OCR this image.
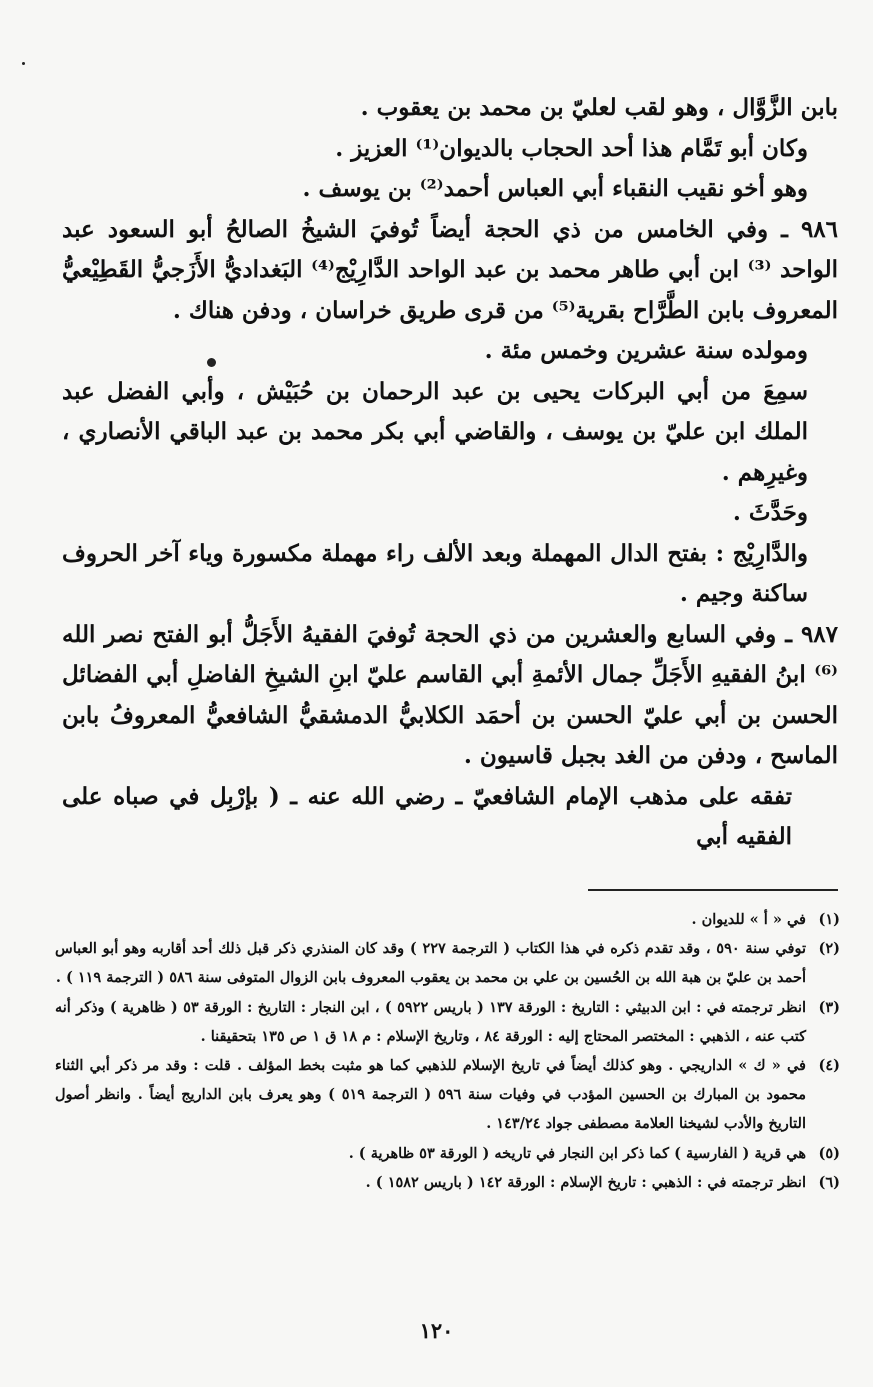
بابن الزَّوَّال ، وهو لقب لعليّ بن محمد بن يعقوب .

وكان أبو تَمَّام هذا أحد الحجاب بالديوان⁽¹⁾ العزيز .

وهو أخو نقيب النقباء أبي العباس أحمد⁽²⁾ بن يوسف .

٩٨٦ ـ وفي الخامس من ذي الحجة أيضاً تُوفيَ الشيخُ الصالحُ أبو السعود عبد الواحد ⁽³⁾ ابن أبي طاهر محمد بن عبد الواحد الدَّارِيْج⁽⁴⁾ البَغداديُّ الأَزَجيُّ القَطِيْعيُّ المعروف بابن الطَّرَّاح بقرية⁽⁵⁾ من قرى طريق خراسان ، ودفن هناك .

ومولده سنة عشرين وخمس مئة .

سمِعَ من أبي البركات يحيى بن عبد الرحمان بن حُبَيْش ، وأبي الفضل عبد الملك ابن عليّ بن يوسف ، والقاضي أبي بكر محمد بن عبد الباقي الأنصاري ، وغيرِهم .

وحَدَّثَ .

والدَّارِيْج : بفتح الدال المهملة وبعد الألف راء مهملة مكسورة وياء آخر الحروف ساكنة وجيم .

٩٨٧ ـ وفي السابع والعشرين من ذي الحجة تُوفيَ الفقيهُ الأَجَلُّ أبو الفتح نصر الله ⁽⁶⁾ ابنُ الفقيهِ الأَجَلِّ جمال الأئمةِ أبي القاسم عليّ ابنِ الشيخِ الفاضلِ أبي الفضائل الحسن بن أبي عليّ الحسن بن أحمَد الكلابيُّ الدمشقيُّ الشافعيُّ المعروفُ بابن الماسح ، ودفن من الغد بجبل قاسيون .

تفقه على مذهب الإمام الشافعيّ ـ رضي الله عنه ـ ( بإرْبِل في صباه على الفقيه أبي

(١)
في « أ » للديوان .
(٢)
توفي سنة ٥٩٠ ، وقد تقدم ذكره في هذا الكتاب ( الترجمة ٢٢٧ ) وقد كان المنذري ذكر قبل ذلك أحد أقاربه وهو أبو العباس أحمد بن عليّ بن هبة الله بن الحُسين بن علي بن محمد بن يعقوب المعروف بابن الزوال المتوفى سنة ٥٨٦ ( الترجمة ١١٩ ) .
(٣)
انظر ترجمته في : ابن الدبيثي : التاريخ : الورقة ١٣٧ ( باريس ٥٩٢٢ ) ، ابن النجار : التاريخ : الورقة ٥٣ ( ظاهرية ) وذكر أنه كتب عنه ، الذهبي : المختصر المحتاج إليه : الورقة ٨٤ ، وتاريخ الإسلام : م ١٨ ق ١ ص ١٣٥ بتحقيقنا .
(٤)
في « ك » الداريجي . وهو كذلك أيضاً في تاريخ الإسلام للذهبي كما هو مثبت بخط المؤلف . قلت : وقد مر ذكر أبي الثناء محمود بن المبارك بن الحسين المؤدب في وفيات سنة ٥٩٦ ( الترجمة ٥١٩ ) وهو يعرف بابن الداريج أيضاً . وانظر أصول التاريخ والأدب لشيخنا العلامة مصطفى جواد ١٤٣/٢٤ .
(٥)
هي قرية ( الفارسية ) كما ذكر ابن النجار في تاريخه ( الورقة ٥٣ ظاهرية ) .
(٦)
انظر ترجمته في : الذهبي : تاريخ الإسلام : الورقة ١٤٢ ( باريس ١٥٨٢ ) .
١٢٠
